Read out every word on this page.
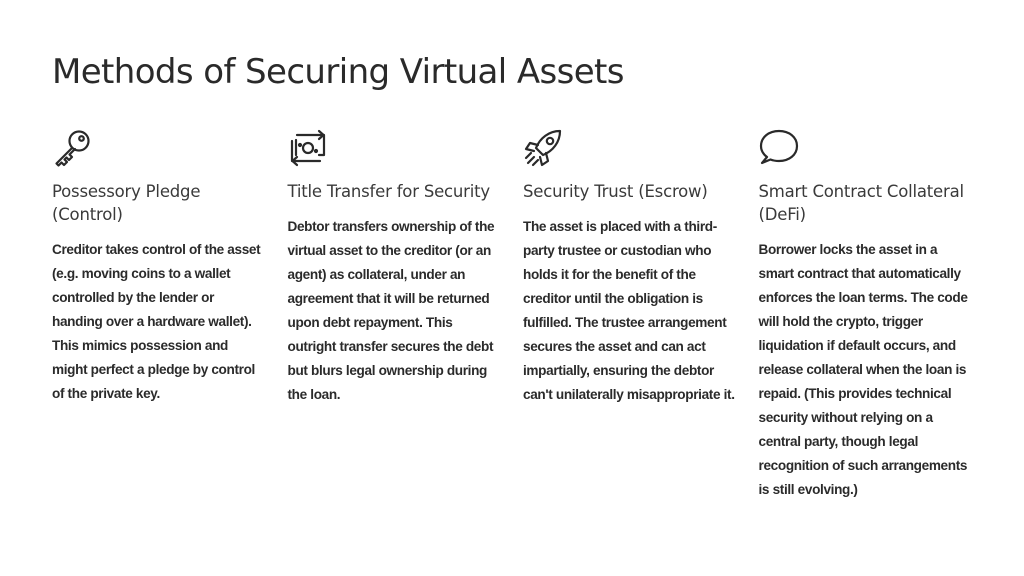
Methods of Securing Virtual Assets
Possessory Pledge (Control)

Creditor takes control of the asset (e.g. moving coins to a wallet controlled by the lender or handing over a hardware wallet). This mimics possession and might perfect a pledge by control of the private key.

Title Transfer for Security

Debtor transfers ownership of the virtual asset to the creditor (or an agent) as collateral, under an agreement that it will be returned upon debt repayment. This outright transfer secures the debt but blurs legal ownership during the loan.

Security Trust (Escrow)

The asset is placed with a third-party trustee or custodian who holds it for the benefit of the creditor until the obligation is fulfilled. The trustee arrangement secures the asset and can act impartially, ensuring the debtor can't unilaterally misappropriate it.

Smart Contract Collateral (DeFi)

Borrower locks the asset in a smart contract that automatically enforces the loan terms. The code will hold the crypto, trigger liquidation if default occurs, and release collateral when the loan is repaid. (This provides technical security without relying on a central party, though legal recognition of such arrangements is still evolving.)
